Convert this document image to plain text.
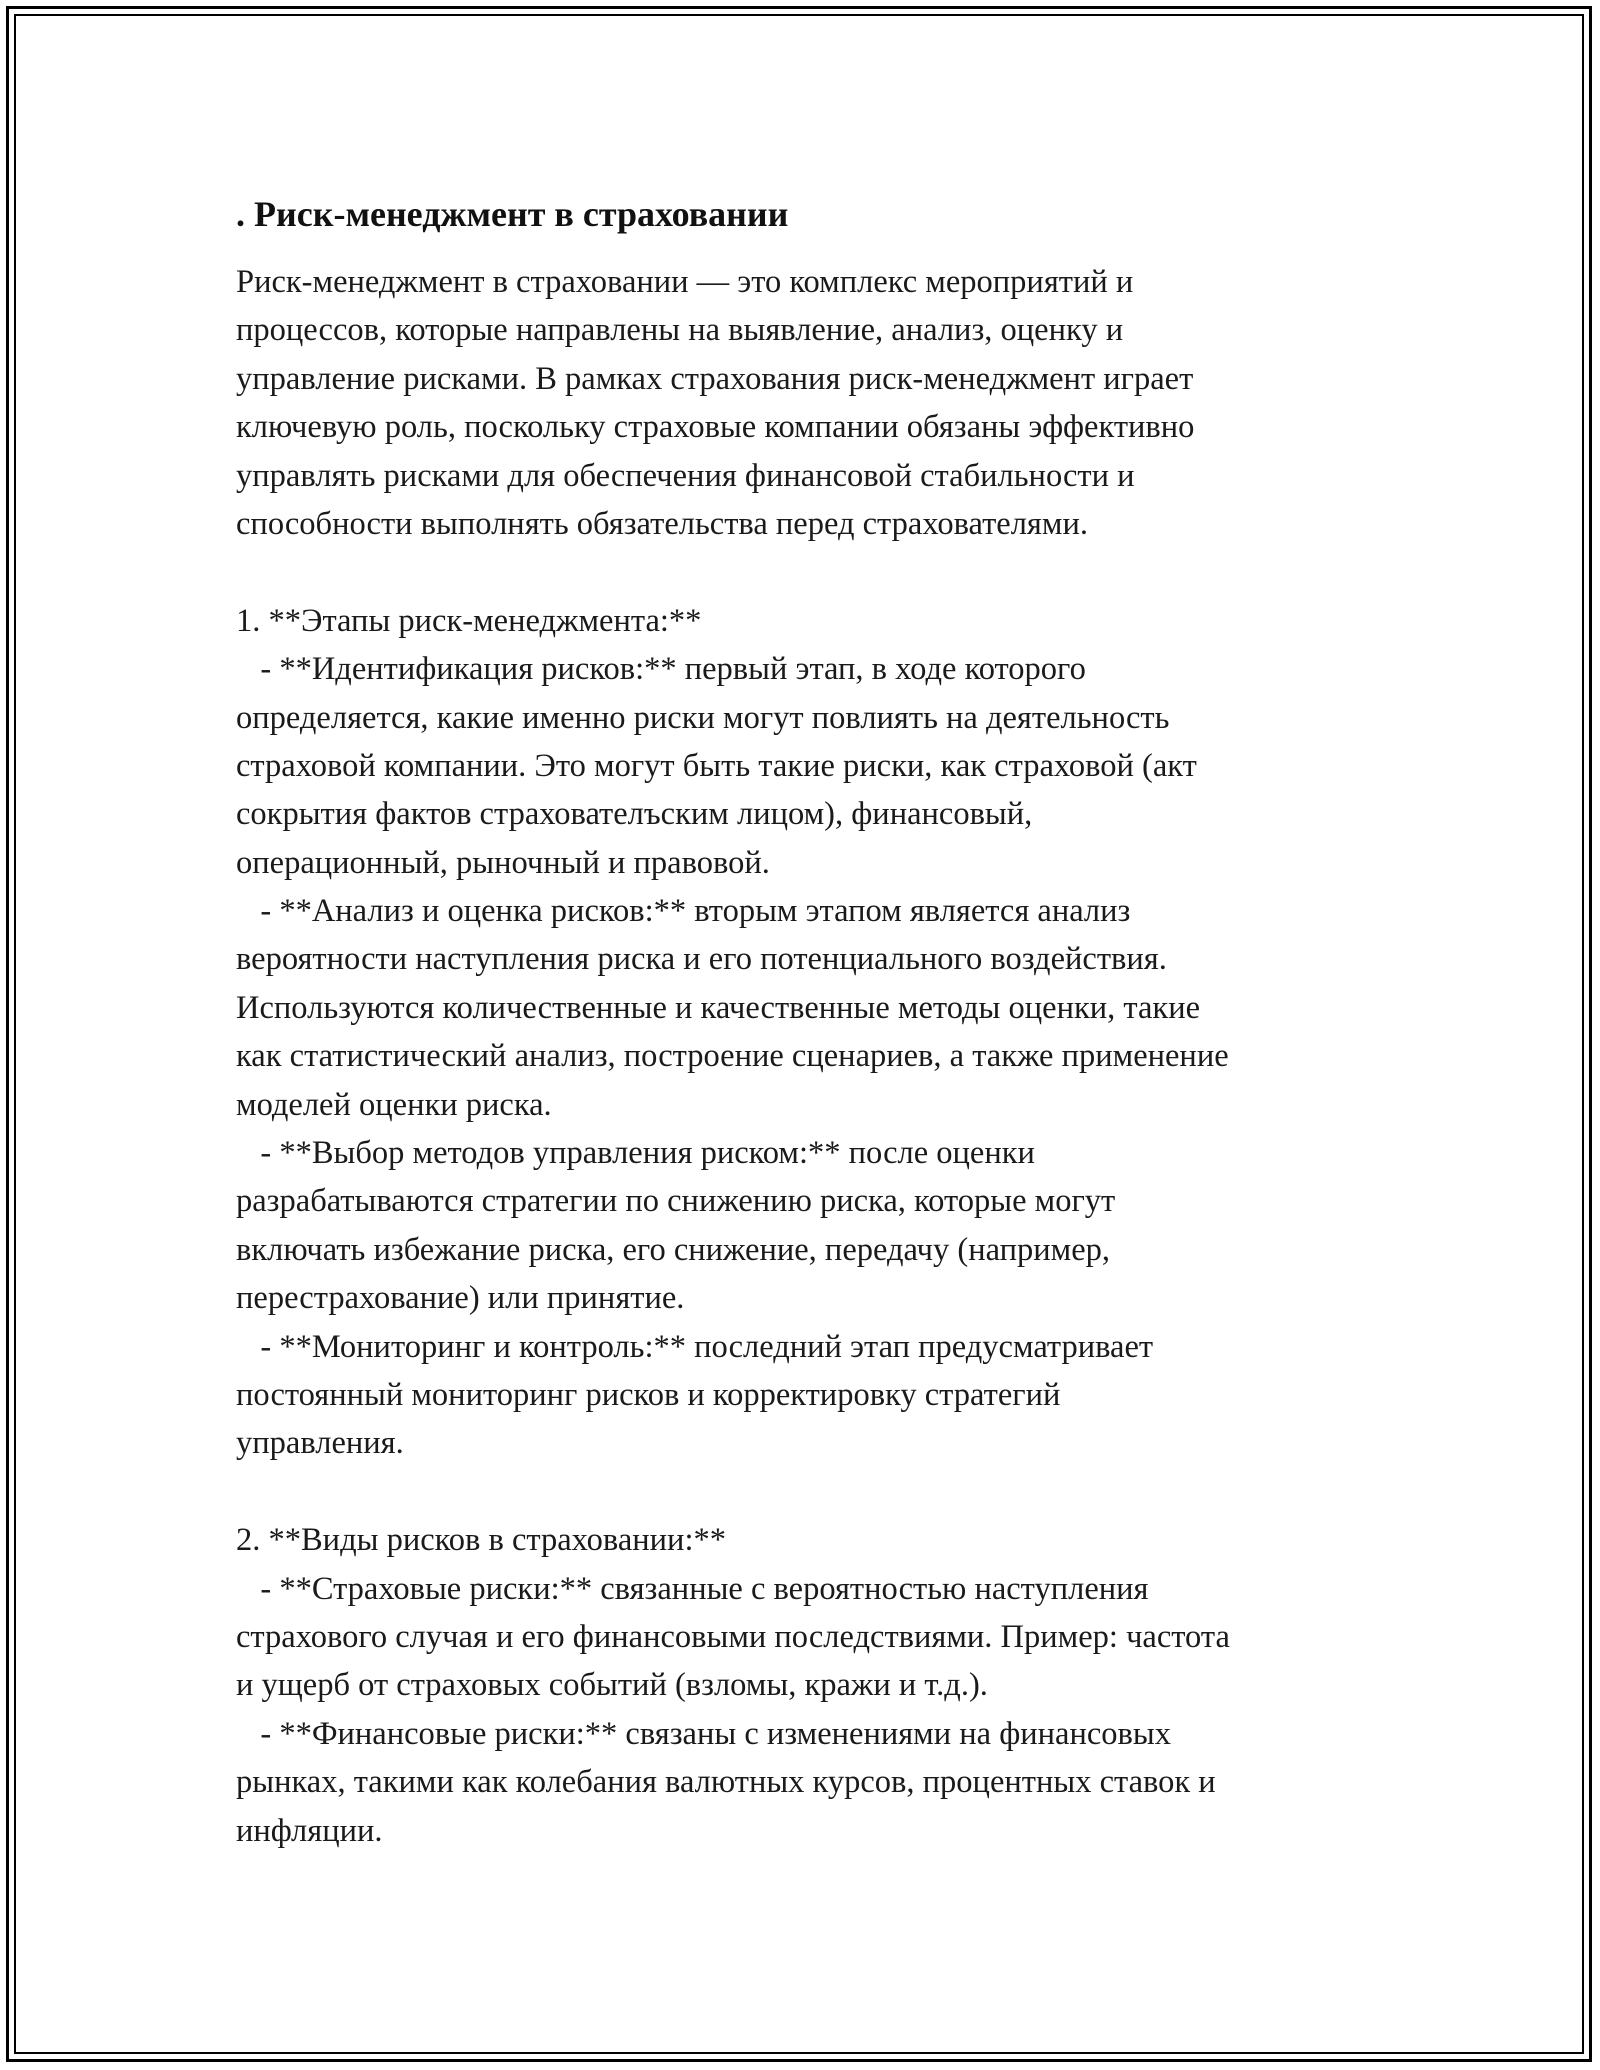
. Риск-менеджмент в страховании
Риск-менеджмент в страховании — это комплекс мероприятий и
процессов, которые направлены на выявление, анализ, оценку и
управление рисками. В рамках страхования риск-менеджмент играет
ключевую роль, поскольку страховые компании обязаны эффективно
управлять рисками для обеспечения финансовой стабильности и
способности выполнять обязательства перед страхователями.
1. **Этапы риск-менеджмента:**
- **Идентификация рисков:** первый этап, в ходе которого
определяется, какие именно риски могут повлиять на деятельность
страховой компании. Это могут быть такие риски, как страховой (акт
сокрытия фактов страхователъским лицом), финансовый,
операционный, рыночный и правовой.
- **Анализ и оценка рисков:** вторым этапом является анализ
вероятности наступления риска и его потенциального воздействия.
Используются количественные и качественные методы оценки, такие
как статистический анализ, построение сценариев, а также применение
моделей оценки риска.
- **Выбор методов управления риском:** после оценки
разрабатываются стратегии по снижению риска, которые могут
включать избежание риска, его снижение, передачу (например,
перестрахование) или принятие.
- **Мониторинг и контроль:** последний этап предусматривает
постоянный мониторинг рисков и корректировку стратегий
управления.
2. **Виды рисков в страховании:**
- **Страховые риски:** связанные с вероятностью наступления
страхового случая и его финансовыми последствиями. Пример: частота
и ущерб от страховых событий (взломы, кражи и т.д.).
- **Финансовые риски:** связаны с изменениями на финансовых
рынках, такими как колебания валютных курсов, процентных ставок и
инфляции.
